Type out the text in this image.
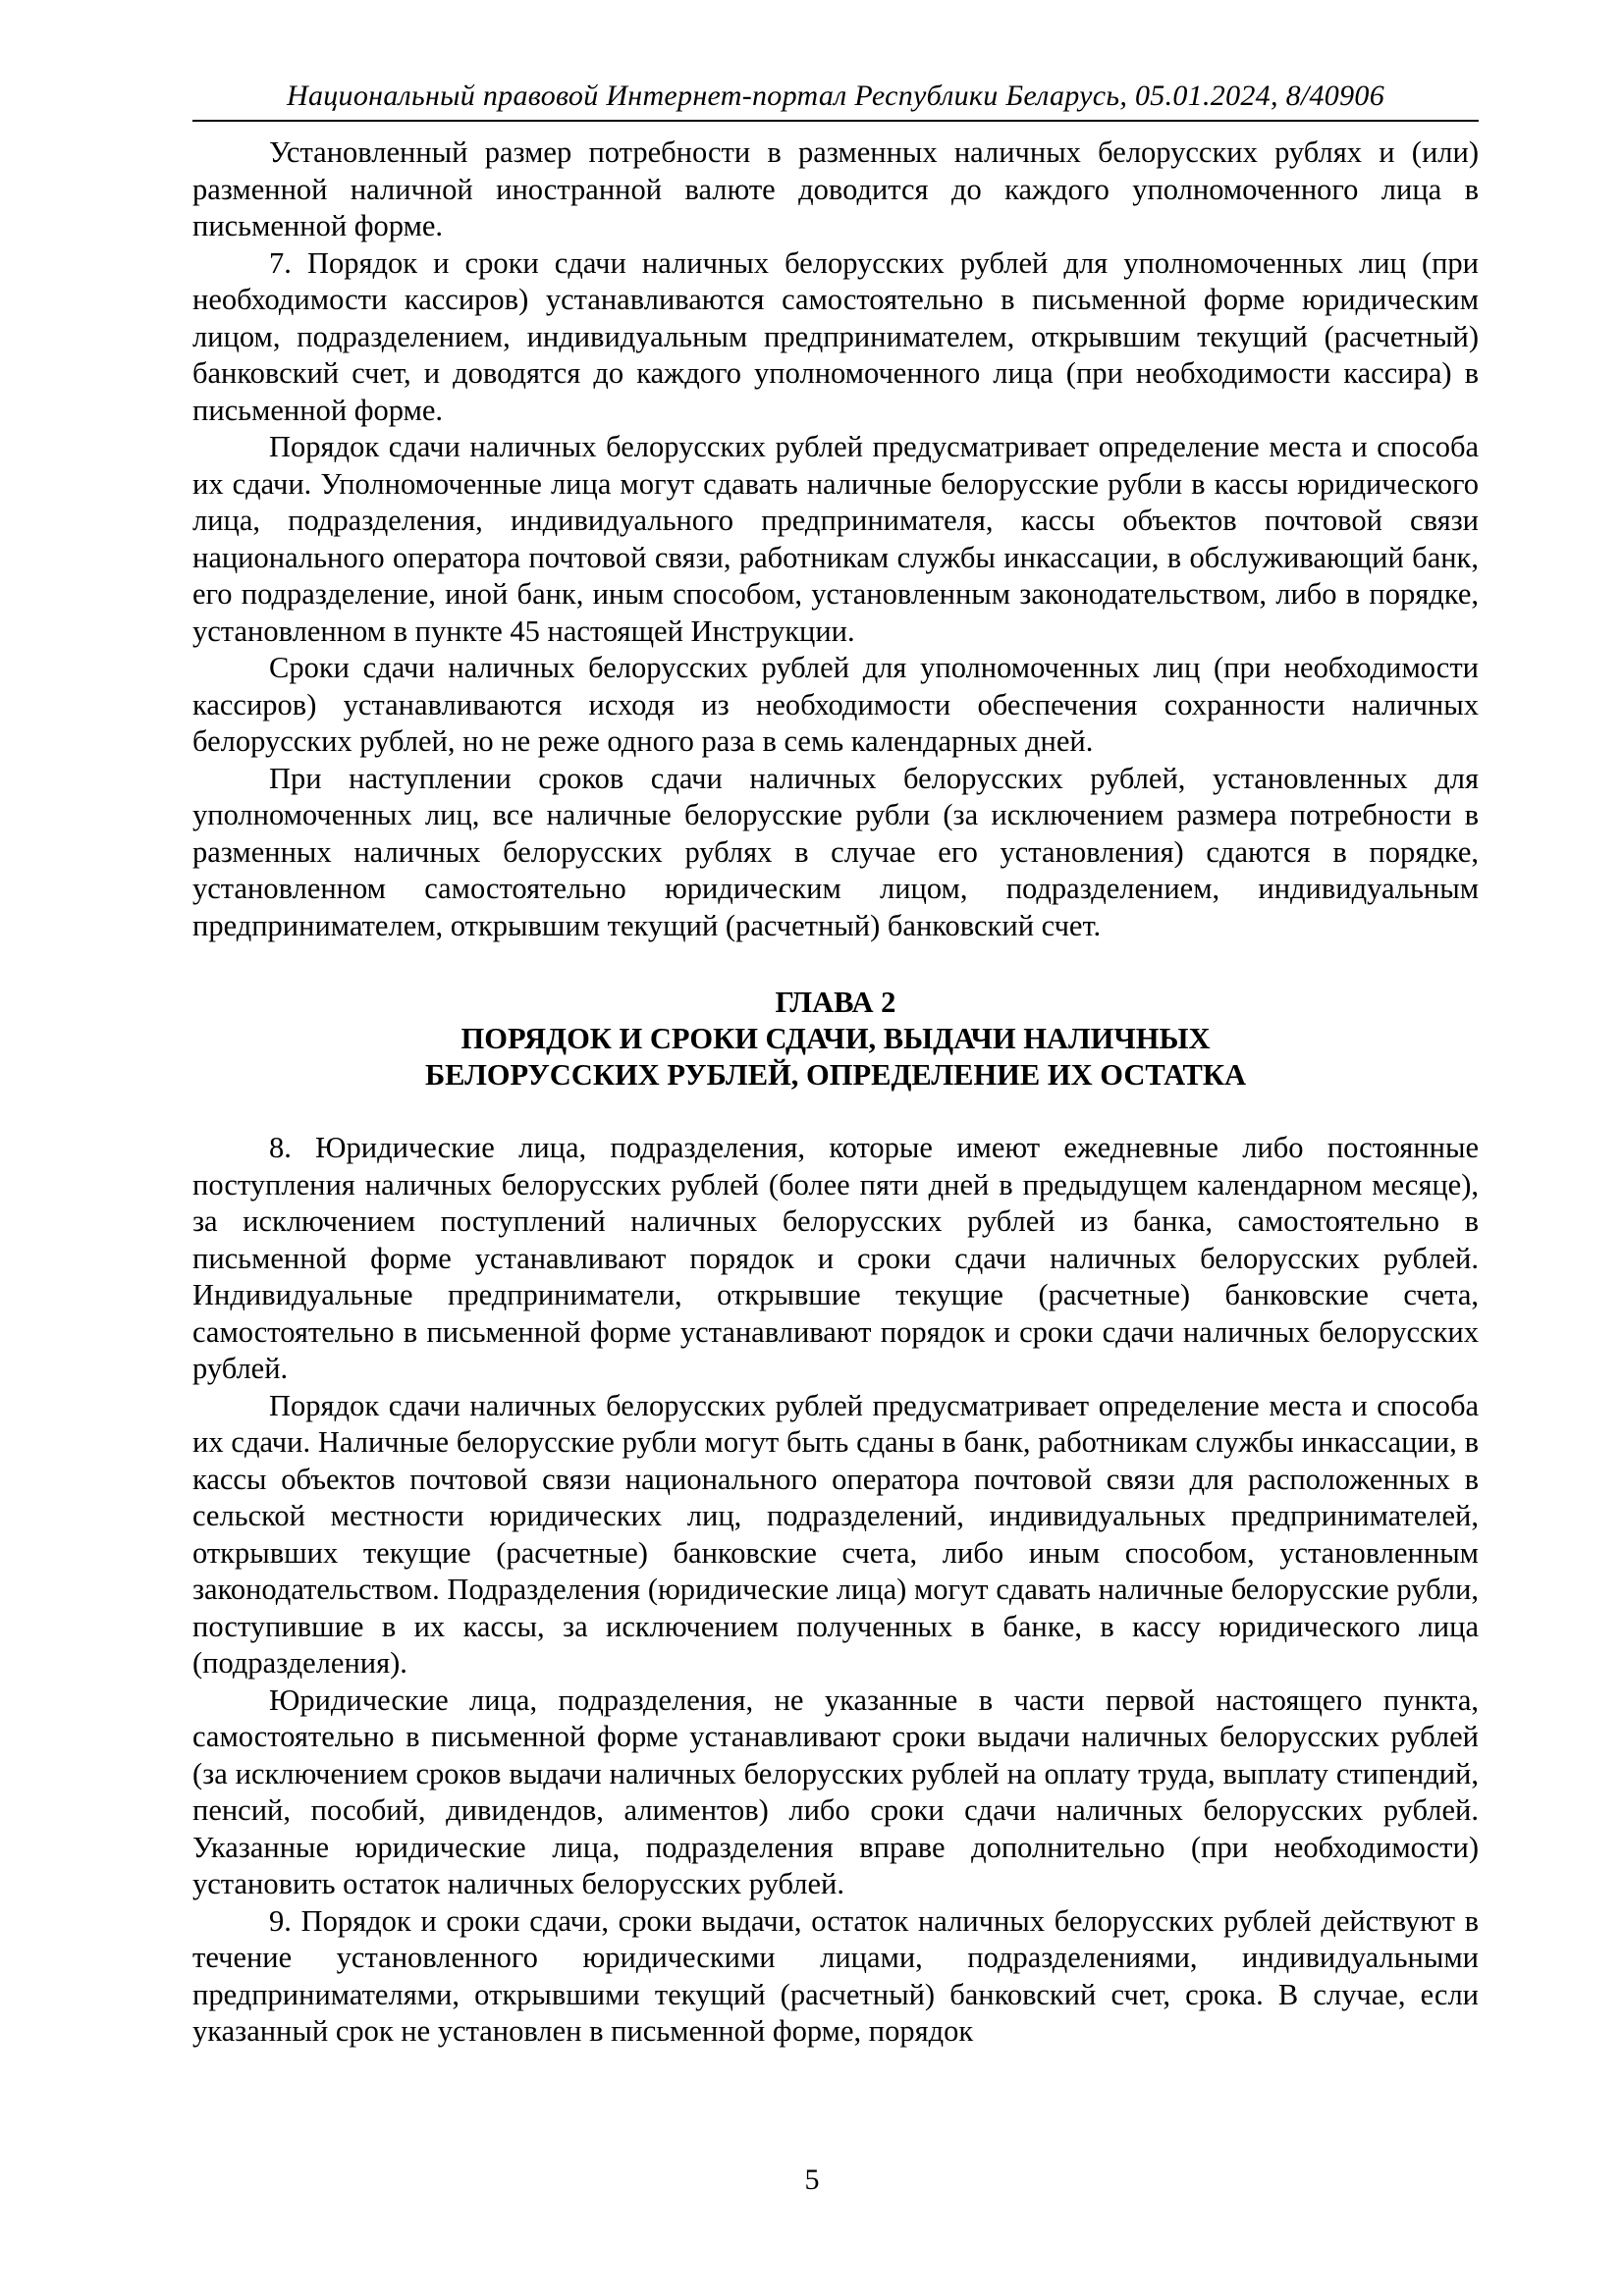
Национальный правовой Интернет-портал Республики Беларусь, 05.01.2024, 8/40906

Установленный размер потребности в разменных наличных белорусских рублях и (или) разменной наличной иностранной валюте доводится до каждого уполномоченного лица в письменной форме.

7. Порядок и сроки сдачи наличных белорусских рублей для уполномоченных лиц (при необходимости кассиров) устанавливаются самостоятельно в письменной форме юридическим лицом, подразделением, индивидуальным предпринимателем, открывшим текущий (расчетный) банковский счет, и доводятся до каждого уполномоченного лица (при необходимости кассира) в письменной форме.

Порядок сдачи наличных белорусских рублей предусматривает определение места и способа их сдачи. Уполномоченные лица могут сдавать наличные белорусские рубли в кассы юридического лица, подразделения, индивидуального предпринимателя, кассы объектов почтовой связи национального оператора почтовой связи, работникам службы инкассации, в обслуживающий банк, его подразделение, иной банк, иным способом, установленным законодательством, либо в порядке, установленном в пункте 45 настоящей Инструкции.

Сроки сдачи наличных белорусских рублей для уполномоченных лиц (при необходимости кассиров) устанавливаются исходя из необходимости обеспечения сохранности наличных белорусских рублей, но не реже одного раза в семь календарных дней.

При наступлении сроков сдачи наличных белорусских рублей, установленных для уполномоченных лиц, все наличные белорусские рубли (за исключением размера потребности в разменных наличных белорусских рублях в случае его установления) сдаются в порядке, установленном самостоятельно юридическим лицом, подразделением, индивидуальным предпринимателем, открывшим текущий (расчетный) банковский счет.

ГЛАВА 2
ПОРЯДОК И СРОКИ СДАЧИ, ВЫДАЧИ НАЛИЧНЫХ
БЕЛОРУССКИХ РУБЛЕЙ, ОПРЕДЕЛЕНИЕ ИХ ОСТАТКА

8. Юридические лица, подразделения, которые имеют ежедневные либо постоянные поступления наличных белорусских рублей (более пяти дней в предыдущем календарном месяце), за исключением поступлений наличных белорусских рублей из банка, самостоятельно в письменной форме устанавливают порядок и сроки сдачи наличных белорусских рублей. Индивидуальные предприниматели, открывшие текущие (расчетные) банковские счета, самостоятельно в письменной форме устанавливают порядок и сроки сдачи наличных белорусских рублей.

Порядок сдачи наличных белорусских рублей предусматривает определение места и способа их сдачи. Наличные белорусские рубли могут быть сданы в банк, работникам службы инкассации, в кассы объектов почтовой связи национального оператора почтовой связи для расположенных в сельской местности юридических лиц, подразделений, индивидуальных предпринимателей, открывших текущие (расчетные) банковские счета, либо иным способом, установленным законодательством. Подразделения (юридические лица) могут сдавать наличные белорусские рубли, поступившие в их кассы, за исключением полученных в банке, в кассу юридического лица (подразделения).

Юридические лица, подразделения, не указанные в части первой настоящего пункта, самостоятельно в письменной форме устанавливают сроки выдачи наличных белорусских рублей (за исключением сроков выдачи наличных белорусских рублей на оплату труда, выплату стипендий, пенсий, пособий, дивидендов, алиментов) либо сроки сдачи наличных белорусских рублей. Указанные юридические лица, подразделения вправе дополнительно (при необходимости) установить остаток наличных белорусских рублей.

9. Порядок и сроки сдачи, сроки выдачи, остаток наличных белорусских рублей действуют в течение установленного юридическими лицами, подразделениями, индивидуальными предпринимателями, открывшими текущий (расчетный) банковский счет, срока. В случае, если указанный срок не установлен в письменной форме, порядок

5
